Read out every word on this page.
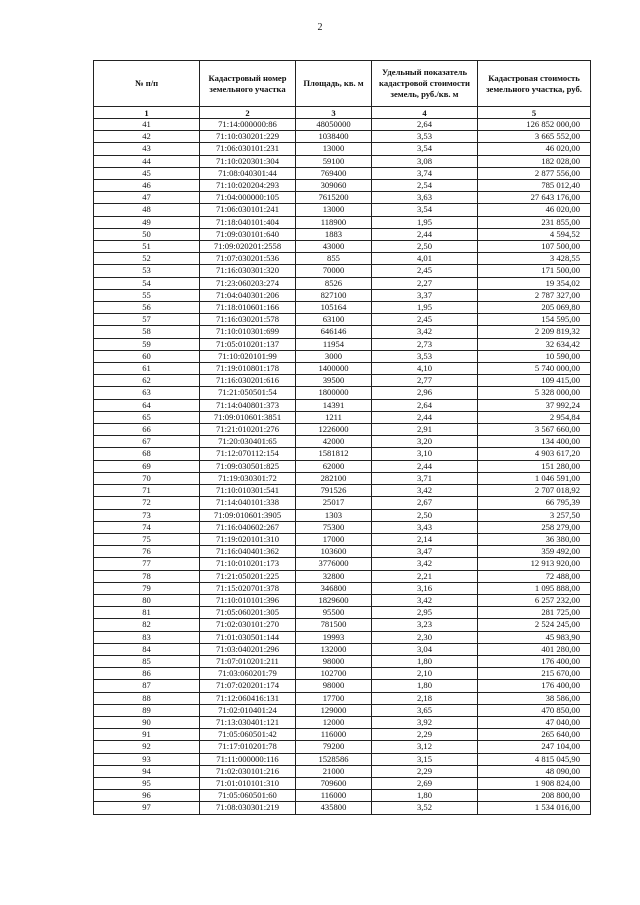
2
№ п/п	Кадастровый номер земельного участка	Площадь, кв. м	Удельный показатель кадастровой стоимости земель, руб./кв. м	Кадастровая стоимость земельного участка, руб.
1	2	3	4	5
41	71:14:000000:86	48050000	2,64	126 852 000,00
42	71:10:030201:229	1038400	3,53	3 665 552,00
43	71:06:030101:231	13000	3,54	46 020,00
44	71:10:020301:304	59100	3,08	182 028,00
45	71:08:040301:44	769400	3,74	2 877 556,00
46	71:10:020204:293	309060	2,54	785 012,40
47	71:04:000000:105	7615200	3,63	27 643 176,00
48	71:06:030101:241	13000	3,54	46 020,00
49	71:18:040101:404	118900	1,95	231 855,00
50	71:09:030101:640	1883	2,44	4 594,52
51	71:09:020201:2558	43000	2,50	107 500,00
52	71:07:030201:536	855	4,01	3 428,55
53	71:16:030301:320	70000	2,45	171 500,00
54	71:23:060203:274	8526	2,27	19 354,02
55	71:04:040301:206	827100	3,37	2 787 327,00
56	71:18:010601:166	105164	1,95	205 069,80
57	71:16:030201:578	63100	2,45	154 595,00
58	71:10:010301:699	646146	3,42	2 209 819,32
59	71:05:010201:137	11954	2,73	32 634,42
60	71:10:020101:99	3000	3,53	10 590,00
61	71:19:010801:178	1400000	4,10	5 740 000,00
62	71:16:030201:616	39500	2,77	109 415,00
63	71:21:050501:54	1800000	2,96	5 328 000,00
64	71:14:040801:373	14391	2,64	37 992,24
65	71:09:010601:3851	1211	2,44	2 954,84
66	71:21:010201:276	1226000	2,91	3 567 660,00
67	71:20:030401:65	42000	3,20	134 400,00
68	71:12:070112:154	1581812	3,10	4 903 617,20
69	71:09:030501:825	62000	2,44	151 280,00
70	71:19:030301:72	282100	3,71	1 046 591,00
71	71:10:010301:541	791526	3,42	2 707 018,92
72	71:14:040101:338	25017	2,67	66 795,39
73	71:09:010601:3905	1303	2,50	3 257,50
74	71:16:040602:267	75300	3,43	258 279,00
75	71:19:020101:310	17000	2,14	36 380,00
76	71:16:040401:362	103600	3,47	359 492,00
77	71:10:010201:173	3776000	3,42	12 913 920,00
78	71:21:050201:225	32800	2,21	72 488,00
79	71:15:020701:378	346800	3,16	1 095 888,00
80	71:10:010101:396	1829600	3,42	6 257 232,00
81	71:05:060201:305	95500	2,95	281 725,00
82	71:02:030101:270	781500	3,23	2 524 245,00
83	71:01:030501:144	19993	2,30	45 983,90
84	71:03:040201:296	132000	3,04	401 280,00
85	71:07:010201:211	98000	1,80	176 400,00
86	71:03:060201:79	102700	2,10	215 670,00
87	71:07:020201:174	98000	1,80	176 400,00
88	71:12:060416:131	17700	2,18	38 586,00
89	71:02:010401:24	129000	3,65	470 850,00
90	71:13:030401:121	12000	3,92	47 040,00
91	71:05:060501:42	116000	2,29	265 640,00
92	71:17:010201:78	79200	3,12	247 104,00
93	71:11:000000:116	1528586	3,15	4 815 045,90
94	71:02:030101:216	21000	2,29	48 090,00
95	71:01:010101:310	709600	2,69	1 908 824,00
96	71:05:060501:60	116000	1,80	208 800,00
97	71:08:030301:219	435800	3,52	1 534 016,00
